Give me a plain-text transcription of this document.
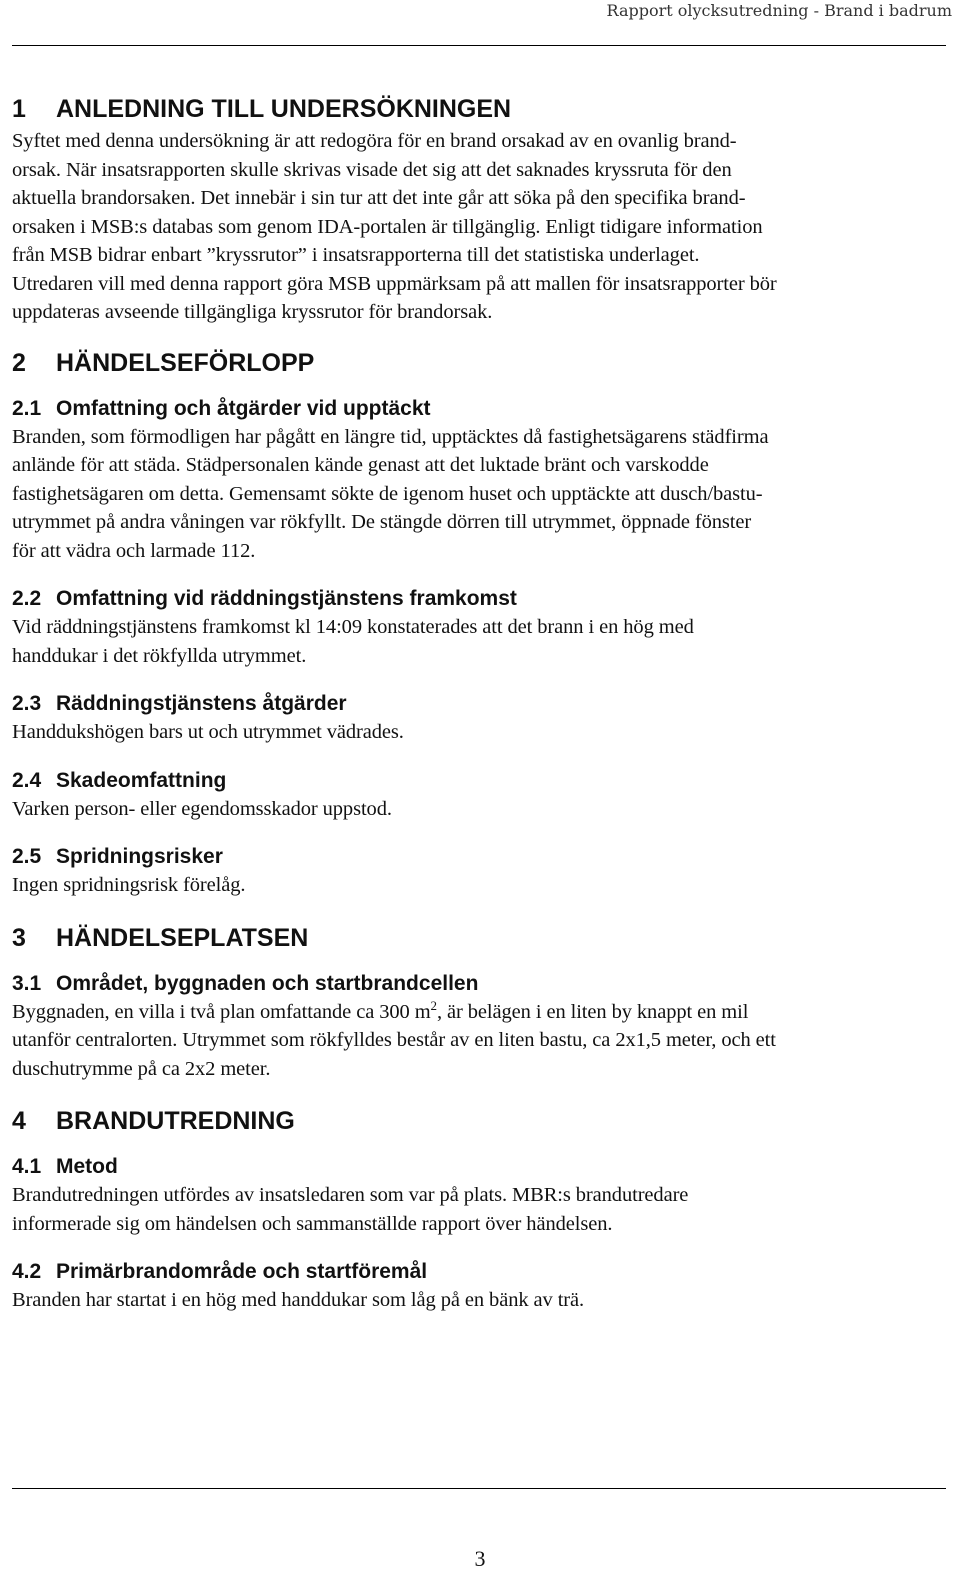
Rapport olycksutredning - Brand i badrum
1	ANLEDNING TILL UNDERSÖKNINGEN

Syftet med denna undersökning är att redogöra för en brand orsakad av en ovanlig brand-
orsak. När insatsrapporten skulle skrivas visade det sig att det saknades kryssruta för den
aktuella brandorsaken. Det innebär i sin tur att det inte går att söka på den specifika brand-
orsaken i MSB:s databas som genom IDA-portalen är tillgänglig. Enligt tidigare information
från MSB bidrar enbart ”kryssrutor” i insatsrapporterna till det statistiska underlaget.
Utredaren vill med denna rapport göra MSB uppmärksam på att mallen för insatsrapporter bör
uppdateras avseende tillgängliga kryssrutor för brandorsak.

2	HÄNDELSEFÖRLOPP
2.1 Omfattning och åtgärder vid upptäckt

Branden, som förmodligen har pågått en längre tid, upptäcktes då fastighetsägarens städfirma
anlände för att städa. Städpersonalen kände genast att det luktade bränt och varskodde
fastighetsägaren om detta. Gemensamt sökte de igenom huset och upptäckte att dusch/bastu-
utrymmet på andra våningen var rökfyllt. De stängde dörren till utrymmet, öppnade fönster
för att vädra och larmade 112.

2.2 Omfattning vid räddningstjänstens framkomst

Vid räddningstjänstens framkomst kl 14:09 konstaterades att det brann i en hög med
handdukar i det rökfyllda utrymmet.

2.3 Räddningstjänstens åtgärder

Handdukshögen bars ut och utrymmet vädrades.

2.4 Skadeomfattning

Varken person- eller egendomsskador uppstod.

2.5 Spridningsrisker

Ingen spridningsrisk förelåg.

3	HÄNDELSEPLATSEN
3.1 Området, byggnaden och startbrandcellen

Byggnaden, en villa i två plan omfattande ca 300 $m^2$, är belägen i en liten by knappt en mil
utanför centralorten. Utrymmet som rökfylldes består av en liten bastu, ca 2x1,5 meter, och ett
duschutrymme på ca 2x2 meter.

4	BRANDUTREDNING
4.1 Metod

Brandutredningen utfördes av insatsledaren som var på plats. MBR:s brandutredare
informerade sig om händelsen och sammanställde rapport över händelsen.

4.2 Primärbrandområde och startföremål

Branden har startat i en hög med handdukar som låg på en bänk av trä.

3
